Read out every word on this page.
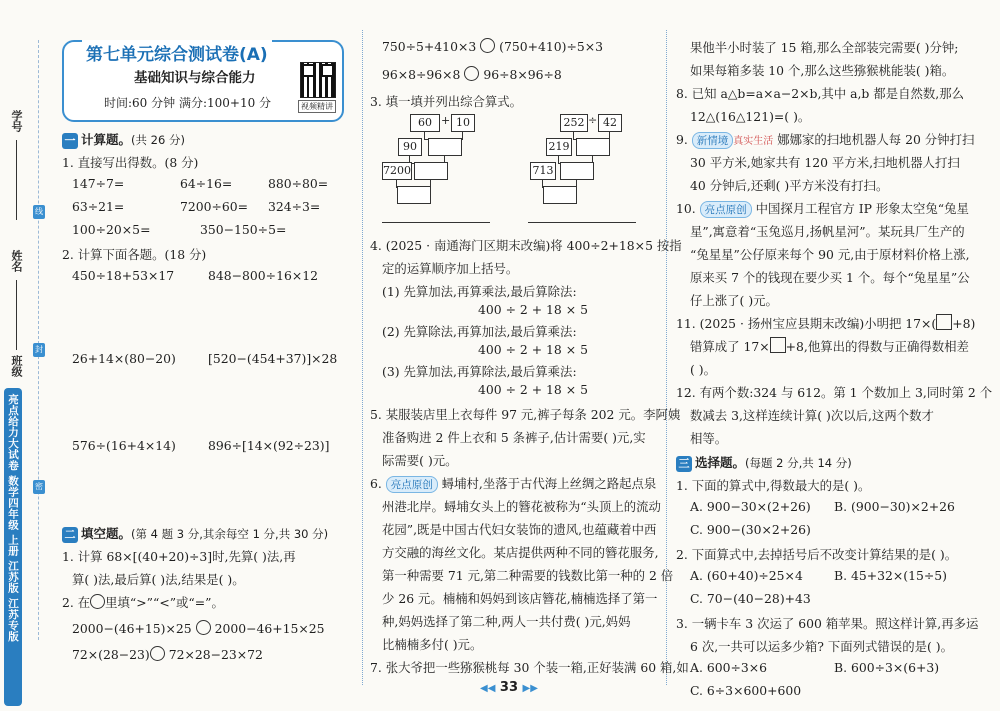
学号
姓名
班级
线
封
密
亮点给力大试卷 数学四年级 上册 江苏版 江苏专版
第七单元综合测试卷(A)
基础知识与综合能力
时间:60 分钟 满分:100+10 分	视频精讲
一 计算题。(共 26 分)
1. 直接写出得数。(8 分)
147÷7=	64÷16=	880÷80=
63÷21=	7200÷60= 324÷3=
100÷20×5=	350−150÷5=
2. 计算下面各题。(18 分)
450÷18+53×17	848−800÷16×12
26+14×(80−20)	[520−(454+37)]×28
576÷(16+4×14)	896÷[14×(92÷23)]
二 填空题。(第 4 题 3 分,其余每空 1 分,共 30 分)
1. 计算 68×[(40+20)÷3]时,先算( )法,再
算( )法,最后算( )法,结果是( )。
2. 在 里填“>”“<”或“=”。
2000−(46+15)×25 2000−46+15×25
72×(28−23) 72×28−23×72
750÷5+410×3 (750+410)÷5×3
96×8÷96×8 96÷8×96÷8
3. 填一填并列出综合算式。
60 + 10
90
7200
252 ÷ 42
219
713
4. (2025 · 南通海门区期末改编)将 400÷2+18×5 按指
定的运算顺序加上括号。
(1) 先算加法,再算乘法,最后算除法:
400 ÷ 2 + 18 × 5
(2) 先算除法,再算加法,最后算乘法:
400 ÷ 2 + 18 × 5
(3) 先算加法,再算除法,最后算乘法:
400 ÷ 2 + 18 × 5
5. 某服装店里上衣每件 97 元,裤子每条 202 元。李阿姨
准备购进 2 件上衣和 5 条裤子,估计需要( )元,实
际需要( )元。
6. 亮点原创 蟳埔村,坐落于古代海上丝绸之路起点泉
州港北岸。蟳埔女头上的簪花被称为“头顶上的流动
花园”,既是中国古代妇女装饰的遗风,也蕴藏着中西
方交融的海丝文化。某店提供两种不同的簪花服务,
第一种需要 71 元,第二种需要的钱数比第一种的 2 倍
少 26 元。楠楠和妈妈到该店簪花,楠楠选择了第一
种,妈妈选择了第二种,两人一共付费( )元,妈妈
比楠楠多付( )元。
7. 张大爷把一些猕猴桃每 30 个装一箱,正好装满 60 箱,如
果他半小时装了 15 箱,那么全部装完需要( )分钟;
如果每箱多装 10 个,那么这些猕猴桃能装( )箱。
8. 已知 a△b=a×a−2×b,其中 a,b 都是自然数,那么
12△(16△121)=( )。
9. 新情境 真实生活 娜娜家的扫地机器人每 20 分钟打扫
30 平方米,她家共有 120 平方米,扫地机器人打扫
40 分钟后,还剩( )平方米没有打扫。
10. 亮点原创 中国探月工程官方 IP 形象太空兔“兔星
星”,寓意着“玉兔巡月,扬帆星河”。某玩具厂生产的
“兔星星”公仔原来每个 90 元,由于原材料价格上涨,
原来买 7 个的钱现在要少买 1 个。每个“兔星星”公
仔上涨了( )元。
11. (2025 · 扬州宝应县期末改编)小明把 17×( +8)
错算成了 17× +8,他算出的得数与正确得数相差
( )。
12. 有两个数:324 与 612。第 1 个数加上 3,同时第 2 个
数减去 3,这样连续计算( )次以后,这两个数才
相等。
三 选择题。(每题 2 分,共 14 分)
1. 下面的算式中,得数最大的是( )。
A. 900−30×(2+26) B. (900−30)×2+26
C. 900−(30×2+26)
2. 下面算式中,去掉括号后不改变计算结果的是( )。
A. (60+40)÷25×4	B. 45+32×(15÷5)
C. 70−(40−28)+43
3. 一辆卡车 3 次运了 600 箱苹果。照这样计算,再多运
6 次,一共可以运多少箱? 下面列式错误的是( )。
A. 600÷3×6	B. 600÷3×(6+3)
C. 6÷3×600+600
◀◀ 33 ▶▶
